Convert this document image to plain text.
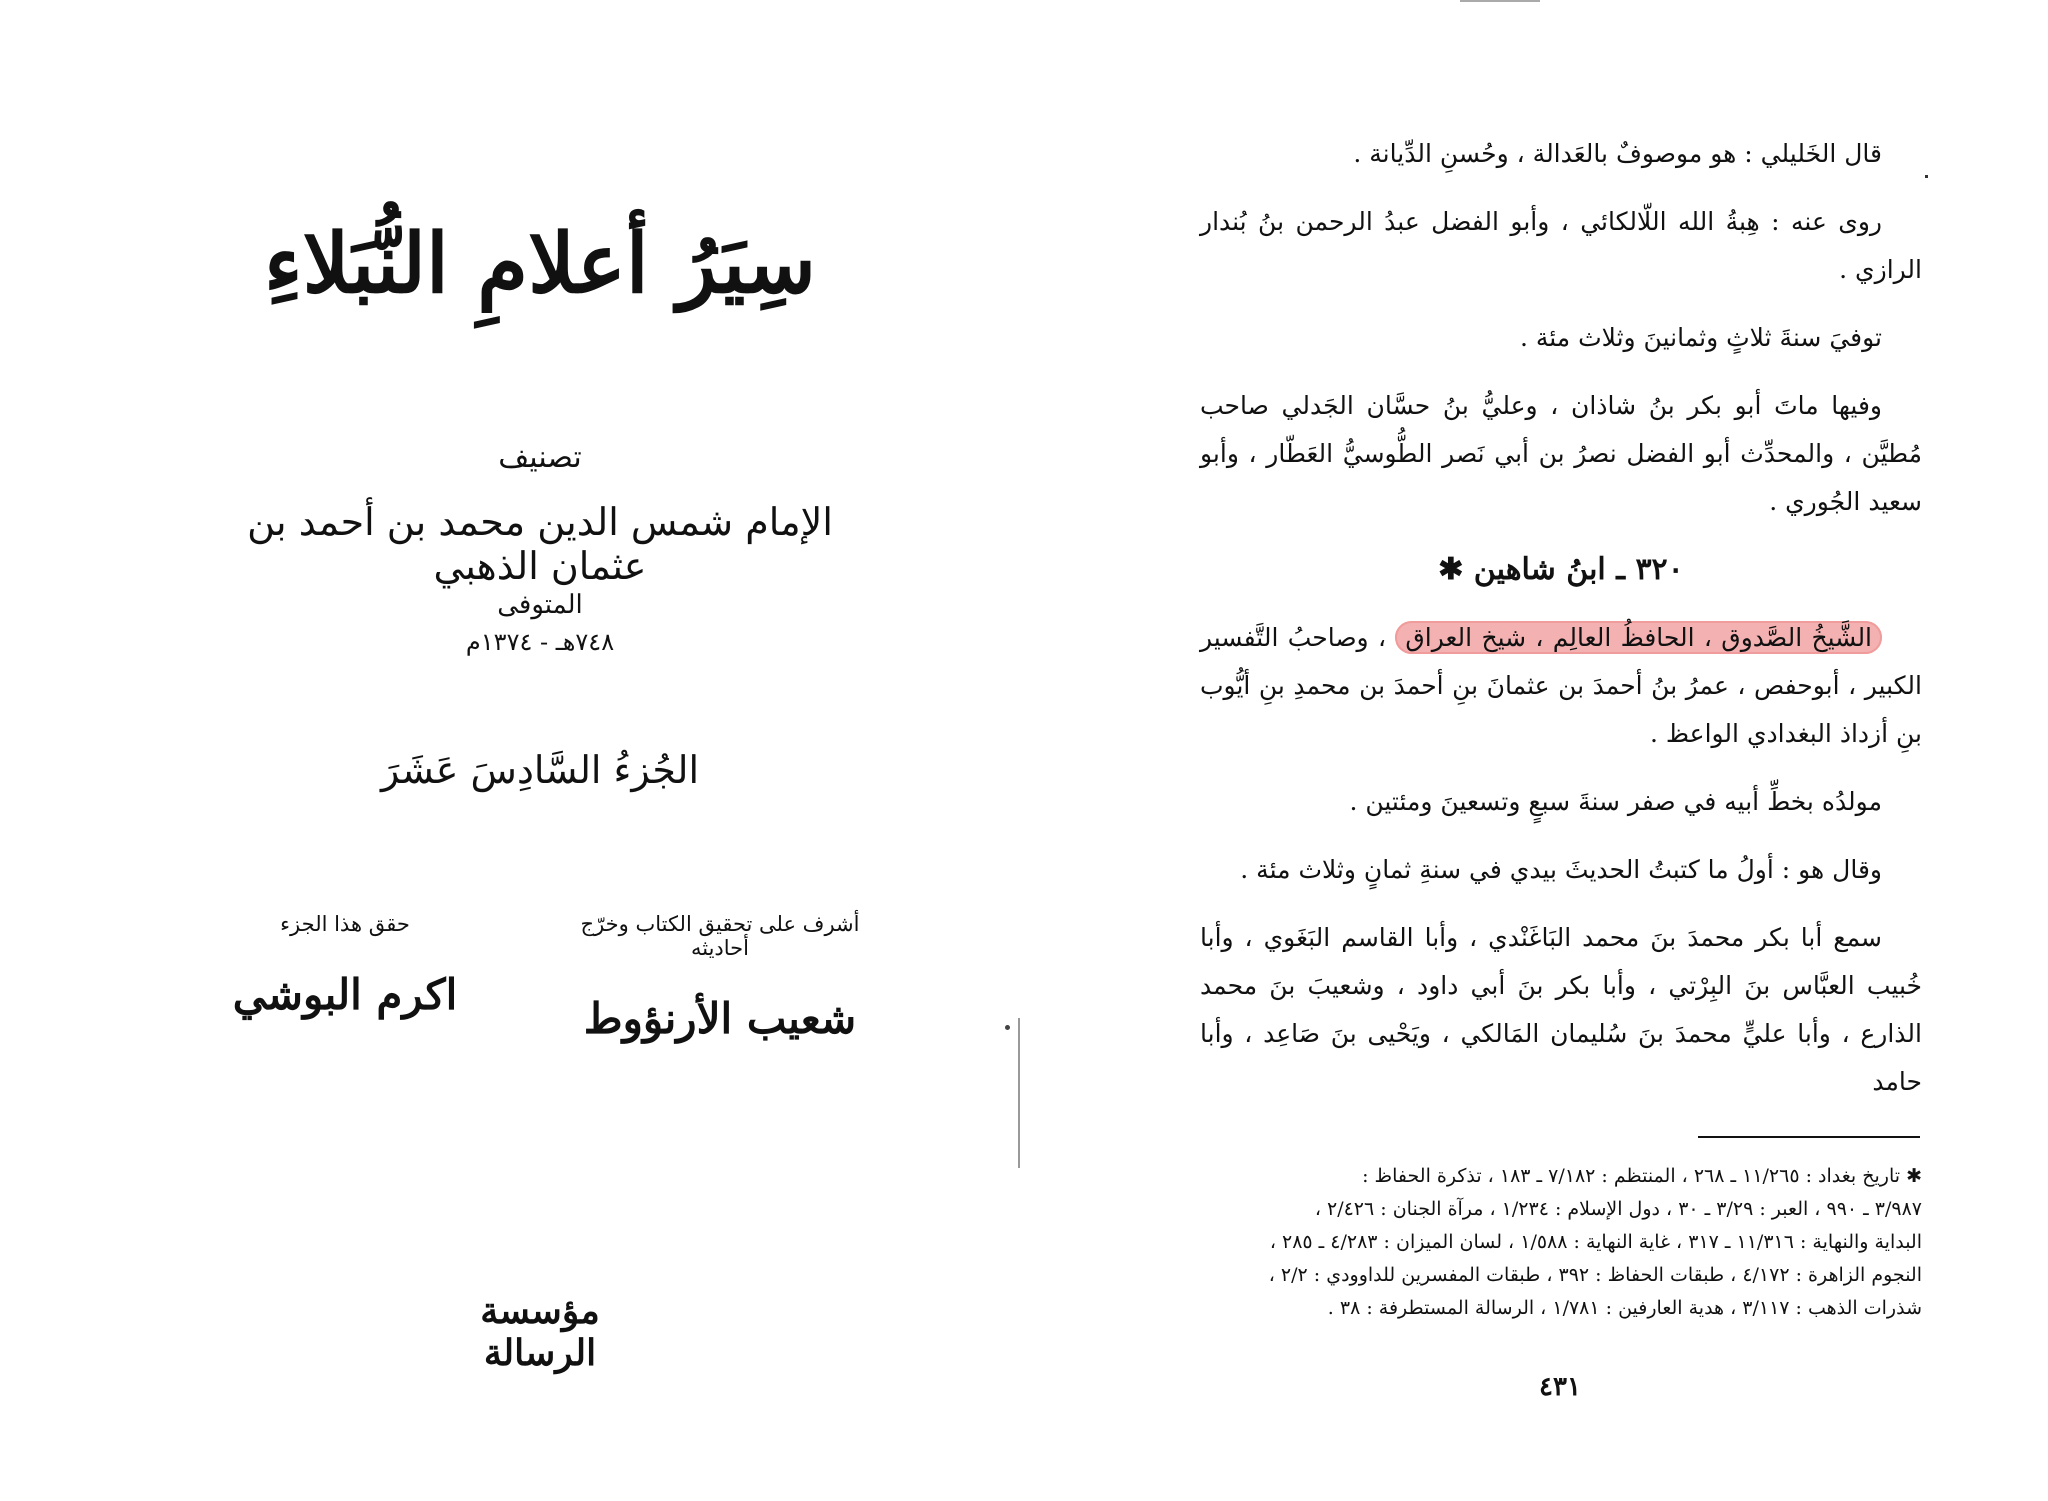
سِيَرُ أعلامِ النُّبَلاءِ
تصنيف
الإمام شمس الدين محمد بن أحمد بن عثمان الذهبي
المتوفى
٧٤٨هـ - ١٣٧٤م
الجُزءُ السَّادِسَ عَشَرَ
حقق هذا الجزء
اكرم البوشي
أشرف على تحقيق الكتاب وخرّج أحاديثه
شعيب الأرنؤوط
مؤسسة الرسالة

قال الخَليلي : هو موصوفٌ بالعَدالة ، وحُسنِ الدِّيانة .

روى عنه : هِبةُ الله اللّالكائي ، وأبو الفضل عبدُ الرحمن بنُ بُندار الرازي .

توفيَ سنةَ ثلاثٍ وثمانينَ وثلاث مئة .

وفيها ماتَ أبو بكر بنُ شاذان ، وعليُّ بنُ حسَّان الجَدلي صاحب مُطيَّن ، والمحدِّث أبو الفضل نصرُ بن أبي نَصر الطُّوسيُّ العَطّار ، وأبو سعيد الجُوري .

٣٢٠ ـ ابنُ شاهين ✱

الشَّيخُ الصَّدوق ، الحافظُ العالِم ، شيخ العراق ، وصاحبُ التَّفسير الكبير ، أبوحفص ، عمرُ بنُ أحمدَ بن عثمانَ بنِ أحمدَ بن محمدِ بنِ أيُّوب بنِ أزداذ البغدادي الواعظ .

مولدُه بخطِّ أبيه في صفر سنةَ سبعٍ وتسعينَ ومئتين .

وقال هو : أولُ ما كتبتُ الحديثَ بيدي في سنةِ ثمانٍ وثلاث مئة .

سمع أبا بكر محمدَ بنَ محمد البَاغَنْدي ، وأبا القاسم البَغَوي ، وأبا خُبيب العبَّاس بنَ البِرْتي ، وأبا بكر بنَ أبي داود ، وشعيبَ بنَ محمد الذارع ، وأبا عليٍّ محمدَ بنَ سُليمان المَالكي ، ويَحْيى بنَ صَاعِد ، وأبا حامد

✱ تاريخ بغداد : ١١/٢٦٥ ـ ٢٦٨ ، المنتظم : ٧/١٨٢ ـ ١٨٣ ، تذكرة الحفاظ :

٣/٩٨٧ ـ ٩٩٠ ، العبر : ٣/٢٩ ـ ٣٠ ، دول الإسلام : ١/٢٣٤ ، مرآة الجنان : ٢/٤٢٦ ،

البداية والنهاية : ١١/٣١٦ ـ ٣١٧ ، غاية النهاية : ١/٥٨٨ ، لسان الميزان : ٤/٢٨٣ ـ ٢٨٥ ،

النجوم الزاهرة : ٤/١٧٢ ، طبقات الحفاظ : ٣٩٢ ، طبقات المفسرين للداوودي : ٢/٢ ،

شذرات الذهب : ٣/١١٧ ، هدية العارفين : ١/٧٨١ ، الرسالة المستطرفة : ٣٨ .

٤٣١
